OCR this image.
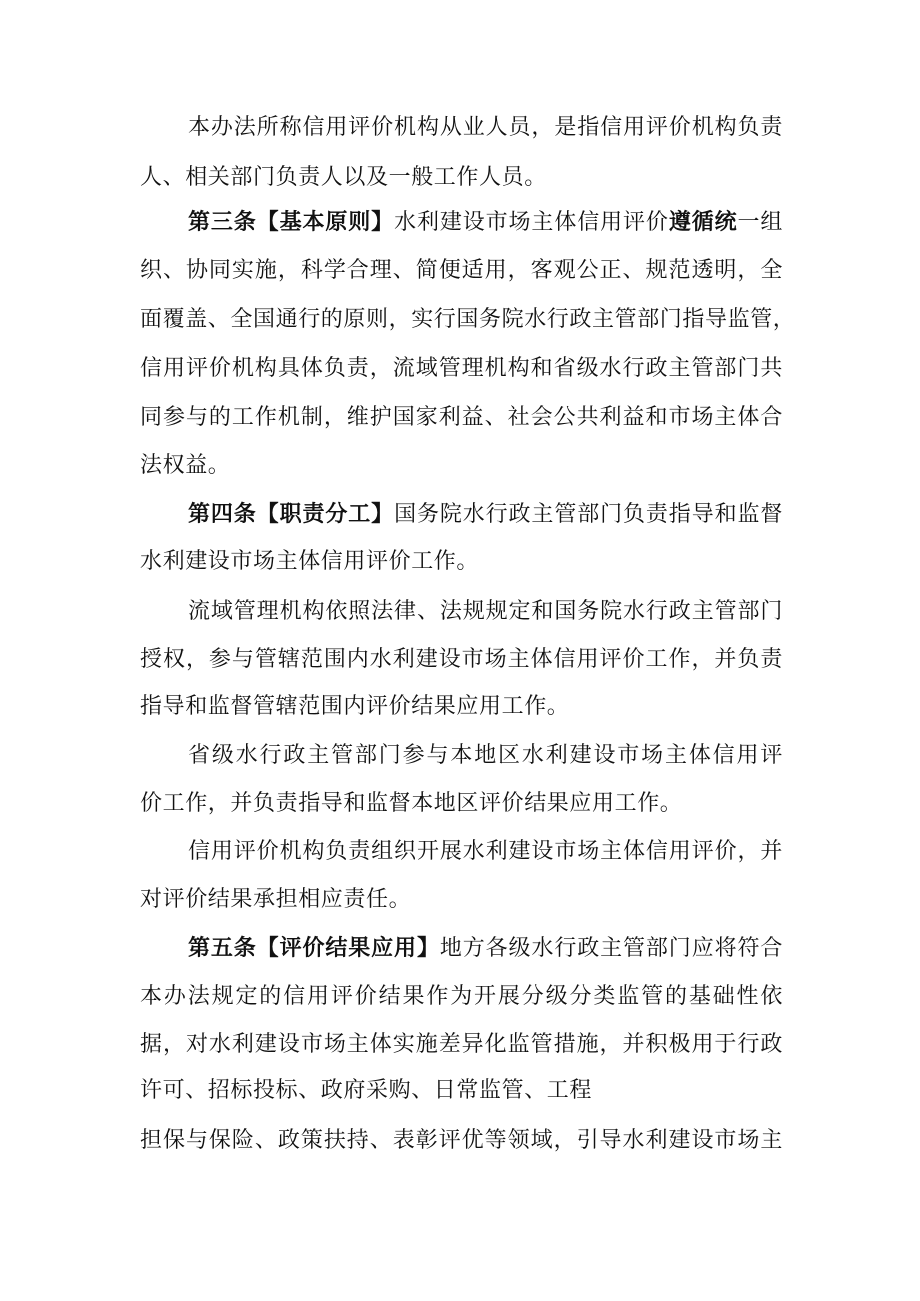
本办法所称信用评价机构从业人员，是指信用评价机构负责
人、相关部门负责人以及一般工作人员。
第三条【基本原则】水利建设市场主体信用评价遵循统一组
织、协同实施，科学合理、简便适用，客观公正、规范透明，全
面覆盖、全国通行的原则，实行国务院水行政主管部门指导监管，
信用评价机构具体负责，流域管理机构和省级水行政主管部门共
同参与的工作机制，维护国家利益、社会公共利益和市场主体合
法权益。
第四条【职责分工】国务院水行政主管部门负责指导和监督
水利建设市场主体信用评价工作。
流域管理机构依照法律、法规规定和国务院水行政主管部门
授权，参与管辖范围内水利建设市场主体信用评价工作，并负责
指导和监督管辖范围内评价结果应用工作。
省级水行政主管部门参与本地区水利建设市场主体信用评
价工作，并负责指导和监督本地区评价结果应用工作。
信用评价机构负责组织开展水利建设市场主体信用评价，并
对评价结果承担相应责任。
第五条【评价结果应用】地方各级水行政主管部门应将符合
本办法规定的信用评价结果作为开展分级分类监管的基础性依
据，对水利建设市场主体实施差异化监管措施，并积极用于行政
许可、招标投标、政府采购、日常监管、工程
担保与保险、政策扶持、表彰评优等领域，引导水利建设市场主
